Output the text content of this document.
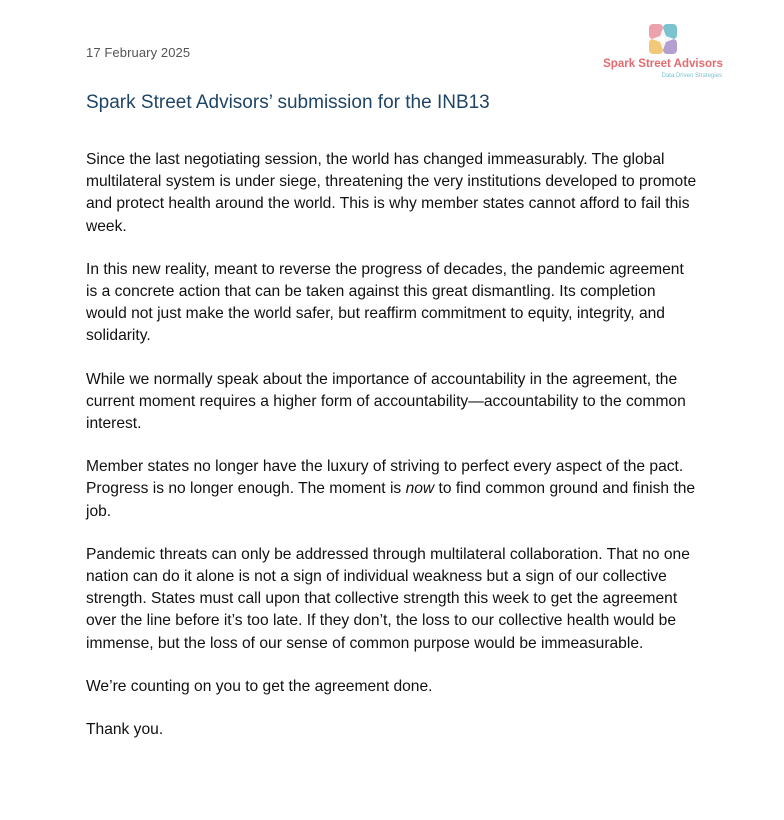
17 February 2025
Spark Street Advisors
Data Driven Strategies
Spark Street Advisors’ submission for the INB13

Since the last negotiating session, the world has changed immeasurably. The global multilateral system is under siege, threatening the very institutions developed to promote and protect health around the world. This is why member states cannot afford to fail this week.

In this new reality, meant to reverse the progress of decades, the pandemic agreement is a concrete action that can be taken against this great dismantling. Its completion would not just make the world safer, but reaffirm commitment to equity, integrity, and solidarity.

While we normally speak about the importance of accountability in the agreement, the current moment requires a higher form of accountability—accountability to the common interest.

Member states no longer have the luxury of striving to perfect every aspect of the pact. Progress is no longer enough. The moment is now to find common ground and finish the job.

Pandemic threats can only be addressed through multilateral collaboration. That no one nation can do it alone is not a sign of individual weakness but a sign of our collective strength. States must call upon that collective strength this week to get the agreement over the line before it’s too late. If they don’t, the loss to our collective health would be immense, but the loss of our sense of common purpose would be immeasurable.

We’re counting on you to get the agreement done.

Thank you.
